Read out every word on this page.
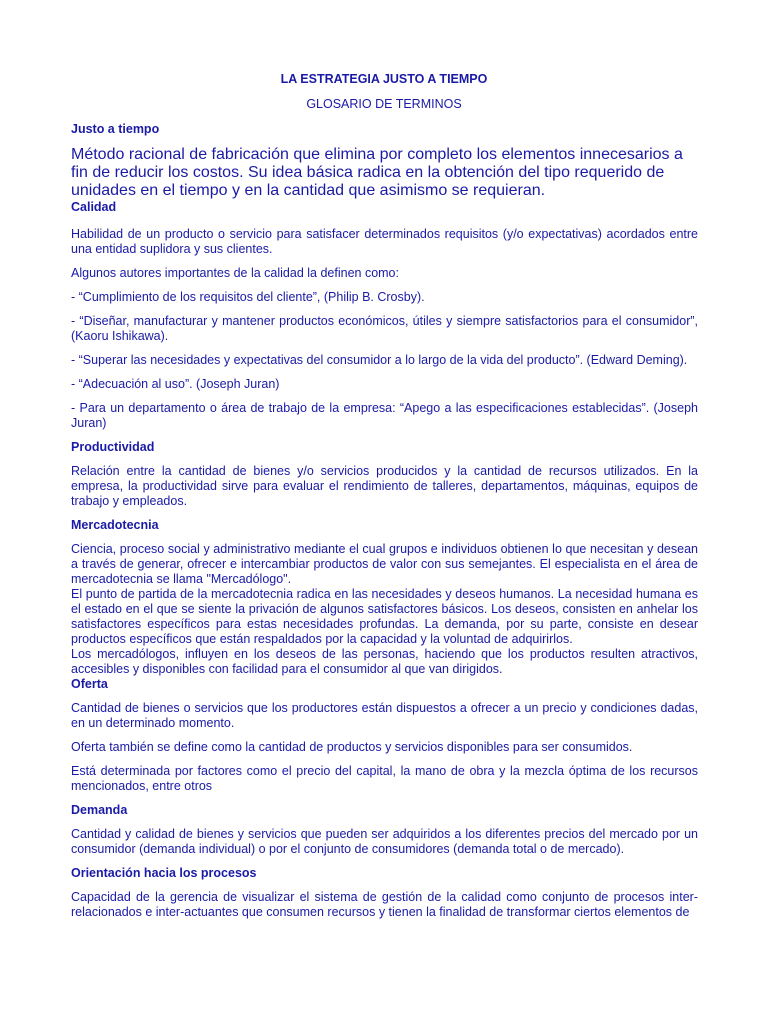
LA ESTRATEGIA JUSTO A TIEMPO
GLOSARIO DE TERMINOS
Justo a tiempo

Método racional de fabricación que elimina por completo los elementos innecesarios a fin de reducir los costos. Su idea básica radica en la obtención del tipo requerido de unidades en el tiempo y en la cantidad que asimismo se requieran.

Calidad

Habilidad de un producto o servicio para satisfacer determinados requisitos (y/o expectativas) acordados entre una entidad suplidora y sus clientes.

Algunos autores importantes de la calidad la definen como:

- “Cumplimiento de los requisitos del cliente”, (Philip B. Crosby).

- “Diseñar, manufacturar y mantener productos económicos, útiles y siempre satisfactorios para el consumidor”, (Kaoru Ishikawa).

- “Superar las necesidades y expectativas del consumidor a lo largo de la vida del producto”. (Edward Deming).

- “Adecuación al uso”. (Joseph Juran)

- Para un departamento o área de trabajo de la empresa: “Apego a las especificaciones establecidas”. (Joseph Juran)

Productividad

Relación entre la cantidad de bienes y/o servicios producidos y la cantidad de recursos utilizados. En la empresa, la productividad sirve para evaluar el rendimiento de talleres, departamentos, máquinas, equipos de trabajo y empleados.

Mercadotecnia

Ciencia, proceso social y administrativo mediante el cual grupos e individuos obtienen lo que necesitan y desean a través de generar, ofrecer e intercambiar productos de valor con sus semejantes. El especialista en el área de mercadotecnia se llama "Mercadólogo".

El punto de partida de la mercadotecnia radica en las necesidades y deseos humanos. La necesidad humana es el estado en el que se siente la privación de algunos satisfactores básicos. Los deseos, consisten en anhelar los satisfactores específicos para estas necesidades profundas. La demanda, por su parte, consiste en desear productos específicos que están respaldados por la capacidad y la voluntad de adquirirlos.

Los mercadólogos, influyen en los deseos de las personas, haciendo que los productos resulten atractivos, accesibles y disponibles con facilidad para el consumidor al que van dirigidos.

Oferta

Cantidad de bienes o servicios que los productores están dispuestos a ofrecer a un precio y condiciones dadas, en un determinado momento.

Oferta también se define como la cantidad de productos y servicios disponibles para ser consumidos.

Está determinada por factores como el precio del capital, la mano de obra y la mezcla óptima de los recursos mencionados, entre otros

Demanda

Cantidad y calidad de bienes y servicios que pueden ser adquiridos a los diferentes precios del mercado por un consumidor (demanda individual) o por el conjunto de consumidores (demanda total o de mercado).

Orientación hacia los procesos

Capacidad de la gerencia de visualizar el sistema de gestión de la calidad como conjunto de procesos inter-relacionados e inter-actuantes que consumen recursos y tienen la finalidad de transformar ciertos elementos de
